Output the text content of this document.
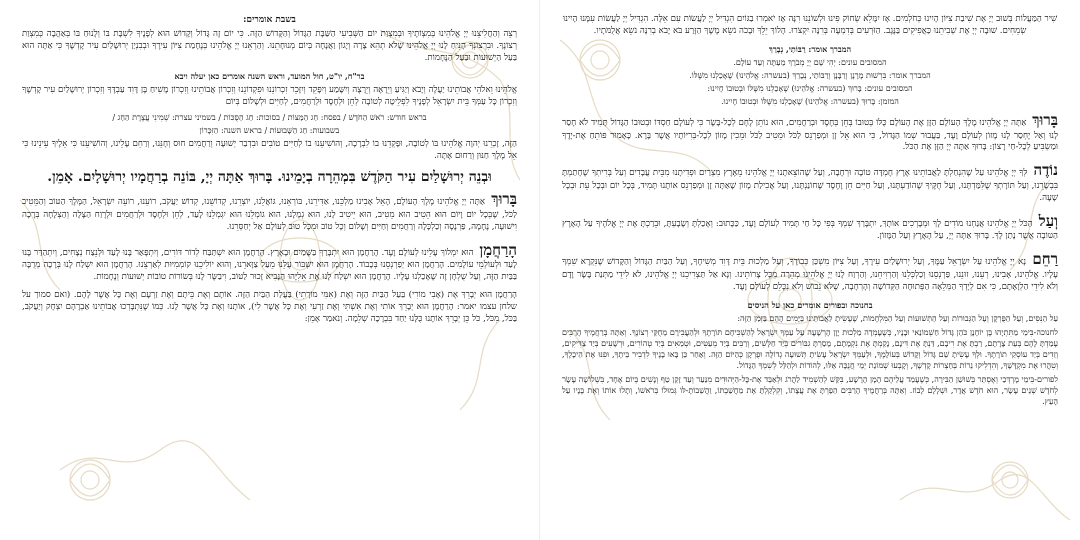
בשבת אומרים:
רְצֵה וְהַחֲלִיצֵנוּ יְיָ אֱלֹהֵינוּ בְּמִצְוֹתֶיךָ וּבְמִצְוַת יוֹם הַשְּׁבִיעִי הַשַּׁבָּת הַגָּדוֹל וְהַקָּדוֹשׁ הַזֶּה. כִּי יוֹם זֶה גָּדוֹל וְקָדוֹשׁ הוּא לְפָנֶיךָ לִשְׁבָּת בּוֹ וְלָנוּחַ בּוֹ בְּאַהֲבָה כְּמִצְוַת רְצוֹנֶךָ. וּבִרְצוֹנְךָ הָנִיחַ לָנוּ יְיָ אֱלֹהֵינוּ שֶׁלֹּא תְהֵא צָרָה וְיָגוֹן וַאֲנָחָה בְּיוֹם מְנוּחָתֵנוּ. וְהַרְאֵנוּ יְיָ אֱלֹהֵינוּ בְּנֶחָמַת צִיּוֹן עִירֶךָ וּבְבִנְיַן יְרוּשָׁלַיִם עִיר קָדְשֶׁךָ כִּי אַתָּה הוּא בַּעַל הַיְשׁוּעוֹת וּבַעַל הַנֶּחָמוֹת.
בר"ח, יו"ט, חול המועד, וראש השנה אומרים כאן יעלה ויבא
אֱלֹהֵינוּ וֵאלֹהֵי אֲבוֹתֵינוּ יַעֲלֶה וְיָבֹא וְיַגִּיעַ וְיֵרָאֶה וְיֵרָצֶה וְיִשָּׁמַע וְיִפָּקֵד וְיִזָּכֵר זִכְרוֹנֵנוּ וּפִקְדוֹנֵנוּ וְזִכְרוֹן אֲבוֹתֵינוּ וְזִכְרוֹן מָשִׁיחַ בֶּן דָּוִד עַבְדֶּךָ וְזִכְרוֹן יְרוּשָׁלַיִם עִיר קָדְשֶׁךָ וְזִכְרוֹן כָּל עַמְּךָ בֵּית יִשְׂרָאֵל לְפָנֶיךָ לִפְלֵיטָה לְטוֹבָה לְחֵן וּלְחֶסֶד וּלְרַחֲמִים, לְחַיִּים וּלְשָׁלוֹם בְּיוֹם
בראש חודש: רֹאשׁ הַחֹדֶשׁ / בפסח: חַג הַמַּצּוֹת / בסוכות: חַג הַסֻּכּוֹת / בשמיני עצרת: שְׁמִינִי עֲצֶרֶת הַחַג /
בשבועות: חַג הַשָּׁבוּעוֹת / בראש השנה: הַזִּכָּרוֹן
הַזֶּה, זָכְרֵנוּ יְהוָה אֱלֹהֵינוּ בּוֹ לְטוֹבָה, וּפָקְדֵנוּ בוֹ לִבְרָכָה, וְהוֹשִׁיעֵנוּ בוֹ לְחַיִּים טוֹבִים וּבִדְבַר יְשׁוּעָה וְרַחֲמִים חוּס וְחָנֵּנוּ, וְרַחֵם עָלֵינוּ, וְהוֹשִׁיעֵנוּ כִּי אֵלֶיךָ עֵינֵינוּ כִּי אֵל מֶלֶךְ חַנּוּן וְרַחוּם אָתָּה.
וּבְנֵה יְרוּשָׁלַיִם עִיר הַקֹּדֶשׁ בִּמְהֵרָה בְיָמֵינוּ. בָּרוּךְ אַתָּה יְיָ, בּוֹנֵה בְרַחֲמָיו יְרוּשָׁלָיִם. אָמֵן.
בָּרוּךְ אַתָּה יְיָ אֱלֹהֵינוּ מֶלֶךְ הָעוֹלָם, הָאֵל אָבִינוּ מַלְכֵּנוּ, אַדִּירֵנוּ, בּוֹרְאֵנוּ, גּוֹאֲלֵנוּ, יוֹצְרֵנוּ, קְדוֹשֵׁנוּ, קְדוֹשׁ יַעֲקֹב, רוֹעֵנוּ, רוֹעֵה יִשְׂרָאֵל, הַמֶּלֶךְ הַטּוֹב וְהַמֵּטִיב לַכֹּל, שֶׁבְּכָל יוֹם וָיוֹם הוּא הֵטִיב הוּא מֵטִיב, הוּא יֵיטִיב לָנוּ, הוּא גְמָלָנוּ, הוּא גוֹמְלֵנוּ הוּא יִגְמְלֵנוּ לָעַד, לְחֵן וּלְחֶסֶד וּלְרַחֲמִים וּלְרֶוַח הַצָּלָה וְהַצְלָחָה בְּרָכָה וִישׁוּעָה, נֶחָמָה, פַּרְנָסָה וְכַלְכָּלָה וְרַחֲמִים וְחַיִּים וְשָׁלוֹם וְכָל טוֹב וּמִכָּל טוּב לְעוֹלָם אַל יְחַסְּרֵנוּ.
הָרַחֲמָן הוּא יִמְלוֹךְ עָלֵינוּ לְעוֹלָם וָעֶד. הָרַחֲמָן הוּא יִתְבָּרַךְ בַּשָּׁמַיִם וּבָאָרֶץ. הָרַחֲמָן הוּא יִשְׁתַּבַּח לְדוֹר דּוֹרִים, וְיִתְפָּאַר בָּנוּ לָעַד וּלְנֵצַח נְצָחִים, וְיִתְהַדַּר בָּנוּ לָעַד וּלְעוֹלְמֵי עוֹלָמִים. הָרַחֲמָן הוּא יְפַרְנְסֵנוּ בְּכָבוֹד. הָרַחֲמָן הוּא יִשְׁבּוֹר עֻלֵּנוּ מֵעַל צַוָּארֵנוּ, וְהוּא יוֹלִיכֵנוּ קוֹמְמִיּוּת לְאַרְצֵנוּ. הָרַחֲמָן הוּא יִשְׁלַח לָנוּ בְּרָכָה מְרֻבָּה בַּבַּיִת הַזֶּה, וְעַל שֻׁלְחָן זֶה שֶׁאָכַלְנוּ עָלָיו. הָרַחֲמָן הוּא יִשְׁלַח לָנוּ אֶת אֵלִיָּהוּ הַנָּבִיא זָכוּר לַטּוֹב, וִיבַשֶּׂר לָנוּ בְּשׂוֹרוֹת טוֹבוֹת יְשׁוּעוֹת וְנֶחָמוֹת.
הָרַחֲמָן הוּא יְבָרֵךְ אֶת (אָבִי מוֹרִי) בַּעַל הַבַּיִת הַזֶּה וְאֶת (אִמִּי מוֹרָתִי) בַּעֲלַת הַבַּיִת הַזֶּה. אוֹתָם וְאֶת בֵּיתָם וְאֶת זַרְעָם וְאֶת כָּל אֲשֶׁר לָהֶם. (ואם סמוך על שלחן עצמו יאמר: הָרַחֲמָן הוּא יְבָרֵךְ אוֹתִי וְאֶת אִשְׁתִּי וְאֶת זַרְעִי וְאֶת כָּל אֲשֶׁר לִי), אוֹתָנוּ וְאֶת כָּל אֲשֶׁר לָנוּ. כְּמוֹ שֶׁנִּתְבָּרְכוּ אֲבוֹתֵינוּ אַבְרָהָם יִצְחָק וְיַעֲקֹב, בַּכֹּל, מִכֹּל, כֹּל כֵּן יְבָרֵךְ אוֹתָנוּ כֻּלָּנוּ יַחַד בִּבְרָכָה שְׁלֵמָה. וְנֹאמַר אָמֵן:
שִׁיר הַמַּעֲלוֹת בְּשׁוּב יְיָ אֶת שִׁיבַת צִיּוֹן הָיִינוּ כְּחֹלְמִים. אָז יִמָּלֵא שְׂחוֹק פִּינוּ וּלְשׁוֹנֵנוּ רִנָּה אָז יֹאמְרוּ בַגּוֹיִם הִגְדִּיל יְיָ לַעֲשׂוֹת עִם אֵלֶּה. הִגְדִּיל יְיָ לַעֲשׂוֹת עִמָּנוּ הָיִינוּ שְׂמֵחִים. שׁוּבָה יְיָ אֶת שְׁבִיתֵנוּ כַּאֲפִיקִים בַּנֶּגֶב. הַזֹּרְעִים בְּדִמְעָה בְּרִנָּה יִקְצֹרוּ. הָלוֹךְ יֵלֵךְ וּבָכֹה נֹשֵׂא מֶשֶׁךְ הַזָּרַע בֹּא יָבֹא בְרִנָּה נֹשֵׂא אֲלֻמֹּתָיו.
המברך אומר: רַבּוֹתַי, נְבָרֵךְ
המסובים עונים: יְהִי שֵׁם יְיָ מְבֹרָךְ מֵעַתָּה וְעַד עוֹלָם.
המברך אומר: בִּרְשׁוּת מָרָנָן וְרַבָּנָן וְרַבּוֹתַי, נְבָרֵךְ (בעשרה: אֱלֹהֵינוּ) שֶׁאָכַלְנוּ מִשֶּׁלּוֹ.
המסובים עונים: בָּרוּךְ (בעשרה: אֱלֹהֵינוּ) שֶׁאָכַלְנוּ מִשֶּׁלּוֹ וּבְטוּבוֹ חָיִינוּ:
המזמן: בָּרוּךְ (בעשרה: אֱלֹהֵינוּ) שֶׁאָכַלְנוּ מִשֶּׁלּוֹ וּבְטוּבוֹ חָיִינוּ.
בָּרוּךְ אַתָּה יְיָ אֱלֹהֵינוּ מֶלֶךְ הָעוֹלָם הַזָּן אֶת הָעוֹלָם כֻּלּוֹ בְּטוּבוֹ בְּחֵן בְּחֶסֶד וּבְרַחֲמִים, הוּא נוֹתֵן לֶחֶם לְכָל-בָּשָׂר כִּי לְעוֹלָם חַסְדּוֹ וּבְטוּבוֹ הַגָּדוֹל תָּמִיד לֹא חָסַר לָנוּ וְאַל יֶחְסַר לָנוּ מָזוֹן לְעוֹלָם וָעֶד, בַּעֲבוּר שְׁמוֹ הַגָּדוֹל, כִּי הוּא אֵל זָן וּמְפַרְנֵס לַכֹּל וּמֵטִיב לַכֹּל וּמֵכִין מָזוֹן לְכָל-בְּרִיּוֹתָיו אֲשֶׁר בָּרָא. כָּאָמוּר פּוֹתֵחַ אֶת-יָדֶךָ וּמַשְׂבִּיעַ לְכָל-חַי רָצוֹן: בָּרוּךְ אַתָּה יְיָ הַזָּן אֶת הַכֹּל.
נוֹדֶה לְּךָ יְיָ אֱלֹהֵינוּ עַל שֶׁהִנְחַלְתָּ לַאֲבוֹתֵינוּ אֶרֶץ חֶמְדָּה טוֹבָה וּרְחָבָה, וְעַל שֶׁהוֹצֵאתָנוּ יְיָ אֱלֹהֵינוּ מֵאֶרֶץ מִצְרַיִם וּפְדִיתָנוּ מִבֵּית עֲבָדִים וְעַל בְּרִיתְךָ שֶׁחָתַמְתָּ בִּבְשָׂרֵנוּ, וְעַל תּוֹרָתְךָ שֶׁלִּמַּדְתָּנוּ, וְעַל חֻקֶּיךָ שֶׁהוֹדַעְתָּנוּ, וְעַל חַיִּים חֵן וָחֶסֶד שֶׁחוֹנַנְתָּנוּ, וְעַל אֲכִילַת מָזוֹן שָׁאַתָּה זָן וּמְפַרְנֵס אוֹתָנוּ תָּמִיד, בְּכָל יוֹם וּבְכָל עֵת וּבְכָל שָׁעָה.
וְעַל הַכֹּל יְיָ אֱלֹהֵינוּ אֲנַחְנוּ מוֹדִים לָךְ וּמְבָרְכִים אוֹתָךְ, יִתְבָּרַךְ שִׁמְךָ בְּפִי כָּל חַי תָּמִיד לְעוֹלָם וָעֶד, כַּכָּתוּב: וְאָכַלְתָּ וְשָׂבָעְתָּ, וּבֵרַכְתָּ אֶת יְיָ אֱלֹהֶיךָ עַל הָאָרֶץ הַטּוֹבָה אֲשֶׁר נָתַן לָךְ. בָּרוּךְ אַתָּה יְיָ, עַל הָאָרֶץ וְעַל הַמָּזוֹן.
רַחֵם נָא יְיָ אֱלֹהֵינוּ עַל יִשְׂרָאֵל עַמֶּךָ, וְעַל יְרוּשָׁלַיִם עִירֶךָ, וְעַל צִיּוֹן מִשְׁכַּן כְּבוֹדֶךָ, וְעַל מַלְכוּת בֵּית דָּוִד מְשִׁיחֶךָ, וְעַל הַבַּיִת הַגָּדוֹל וְהַקָּדוֹשׁ שֶׁנִּקְרָא שִׁמְךָ עָלָיו. אֱלֹהֵינוּ, אָבִינוּ, רְעֵנוּ, זוּנֵנוּ, פַּרְנְסֵנוּ וְכַלְכְּלֵנוּ וְהַרְוִיחֵנוּ, וְהַרְוַח לָנוּ יְיָ אֱלֹהֵינוּ מְהֵרָה מִכָּל צָרוֹתֵינוּ. וְנָא אַל תַּצְרִיכֵנוּ יְיָ אֱלֹהֵינוּ, לֹא לִידֵי מַתְּנַת בָּשָׂר וָדָם וְלֹא לִידֵי הַלְוָאָתָם, כִּי אִם לְיָדְךָ הַמְּלֵאָה הַפְּתוּחָה הַקְּדוֹשָׁה וְהָרְחָבָה, שֶׁלֹּא נֵבוֹשׁ וְלֹא נִכָּלֵם לְעוֹלָם וָעֶד.
בחנוכה ובפורים אומרים כאן על הניסים
עַל הַנִּסִּים, וְעַל הַפֻּרְקָן וְעַל הַגְּבוּרוֹת וְעַל הַתְּשׁוּעוֹת וְעַל הַמִּלְחָמוֹת, שֶׁעָשִׂיתָ לַאֲבוֹתֵינוּ בַּיָּמִים הָהֵם בַּזְּמַן הַזֶּה:
לחנוכה-בִּימֵי מַתִּתְיָהוּ בֶּן יוֹחָנָן כֹּהֵן גָּדוֹל חַשְׁמוֹנַאי וּבָנָיו, כְּשֶׁעָמְדָה מַלְכוּת יָוָן הָרְשָׁעָה עַל עַמְּךָ יִשְׂרָאֵל לְהַשְׁכִּיחָם תּוֹרָתֶךָ וּלְהַעֲבִירָם מֵחֻקֵּי רְצוֹנֶךָ. וְאַתָּה בְּרַחֲמֶיךָ הָרַבִּים עָמַדְתָּ לָהֶם בְּעֵת צָרָתָם, רַבְתָּ אֶת רִיבָם, דַּנְתָּ אֶת דִּינָם, נָקַמְתָּ אֶת נִקְמָתָם, מָסַרְתָּ גִבּוֹרִים בְּיַד חַלָּשִׁים, וְרַבִּים בְּיַד מְעַטִּים, וּטְמֵאִים בְּיַד טְהוֹרִים, וּרְשָׁעִים בְּיַד צַדִּיקִים, וְזֵדִים בְּיַד עוֹסְקֵי תוֹרָתֶךָ. וּלְךָ עָשִׂיתָ שֵׁם גָּדוֹל וְקָדוֹשׁ בְּעוֹלָמֶךָ, וּלְעַמְּךָ יִשְׂרָאֵל עָשִׂיתָ תְּשׁוּעָה גְדוֹלָה וּפֻרְקָן כְּהַיּוֹם הַזֶּה. וְאַחַר כֵּן בָּאוּ בָנֶיךָ לִדְבִיר בֵּיתֶךָ, וּפִנּוּ אֶת הֵיכָלֶךָ, וְטִהֲרוּ אֶת מִקְדָּשֶׁךָ, וְהִדְלִיקוּ נֵרוֹת בְּחַצְרוֹת קָדְשֶׁךָ, וְקָבְעוּ שְׁמוֹנַת יְמֵי חֲנֻכָּה אֵלּוּ, לְהוֹדוֹת וּלְהַלֵּל לְשִׁמְךָ הַגָּדוֹל.
לפורים-בִּימֵי מָרְדְּכַי וְאֶסְתֵּר בְּשׁוּשַׁן הַבִּירָה, כְּשֶׁעָמַד עֲלֵיהֶם הָמָן הָרָשָׁע, בִּקֵּשׁ לְהַשְׁמִיד לַהֲרֹג וּלְאַבֵּד אֶת-כָּל-הַיְּהוּדִים מִנַּעַר וְעַד זָקֵן טַף וְנָשִׁים בְּיוֹם אֶחָד, בִּשְׁלוֹשָׁה עָשָׂר לְחֹדֶשׁ שְׁנֵים עָשָׂר, הוּא חֹדֶשׁ אֲדָר, וּשְׁלָלָם לָבוֹז. וְאַתָּה בְּרַחֲמֶיךָ הָרַבִּים הֵפַרְתָּ אֶת עֲצָתוֹ, וְקִלְקַלְתָּ אֶת מַחֲשַׁבְתּוֹ, וַהֲשֵׁבוֹתָ-לּוֹ גְּמוּלוֹ בְּרֹאשׁוֹ, וְתָלוּ אוֹתוֹ וְאֶת בָּנָיו עַל הָעֵץ.
